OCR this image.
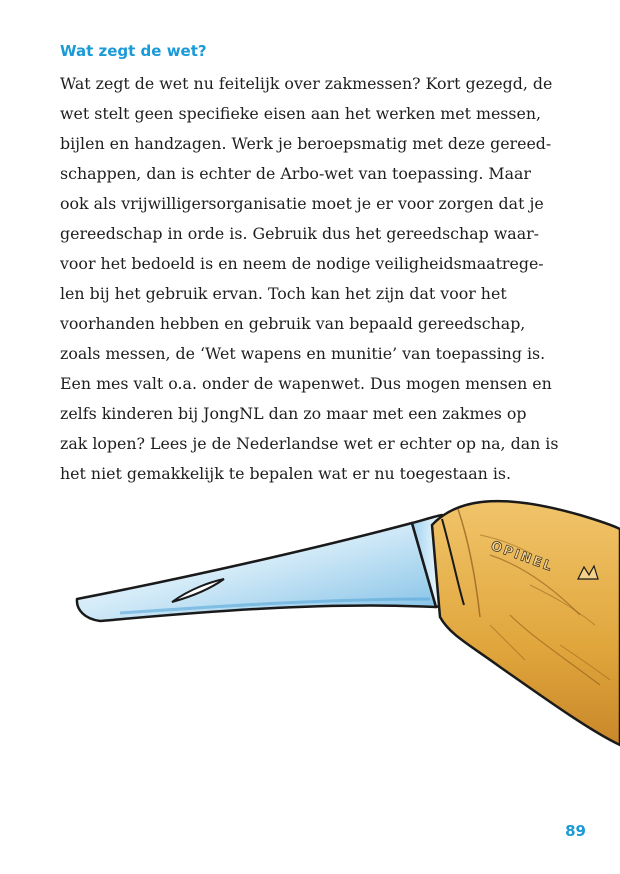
Wat zegt de wet?
Wat zegt de wet nu feitelijk over zakmessen? Kort gezegd, de
wet stelt geen specifieke eisen aan het werken met messen,
bijlen en handzagen. Werk je beroepsmatig met deze gereed-
schappen, dan is echter de Arbo-wet van toepassing. Maar
ook als vrijwilligersorganisatie moet je er voor zorgen dat je
gereedschap in orde is. Gebruik dus het gereedschap waar-
voor het bedoeld is en neem de nodige veiligheidsmaatrege-
len bij het gebruik ervan. Toch kan het zijn dat voor het
voorhanden hebben en gebruik van bepaald gereedschap,
zoals messen, de ‘Wet wapens en munitie’ van toepassing is.
Een mes valt o.a. onder de wapenwet. Dus mogen mensen en
zelfs kinderen bij JongNL dan zo maar met een zakmes op
zak lopen? Lees je de Nederlandse wet er echter op na, dan is
het niet gemakkelijk te bepalen wat er nu toegestaan is.
OPINEL

89
